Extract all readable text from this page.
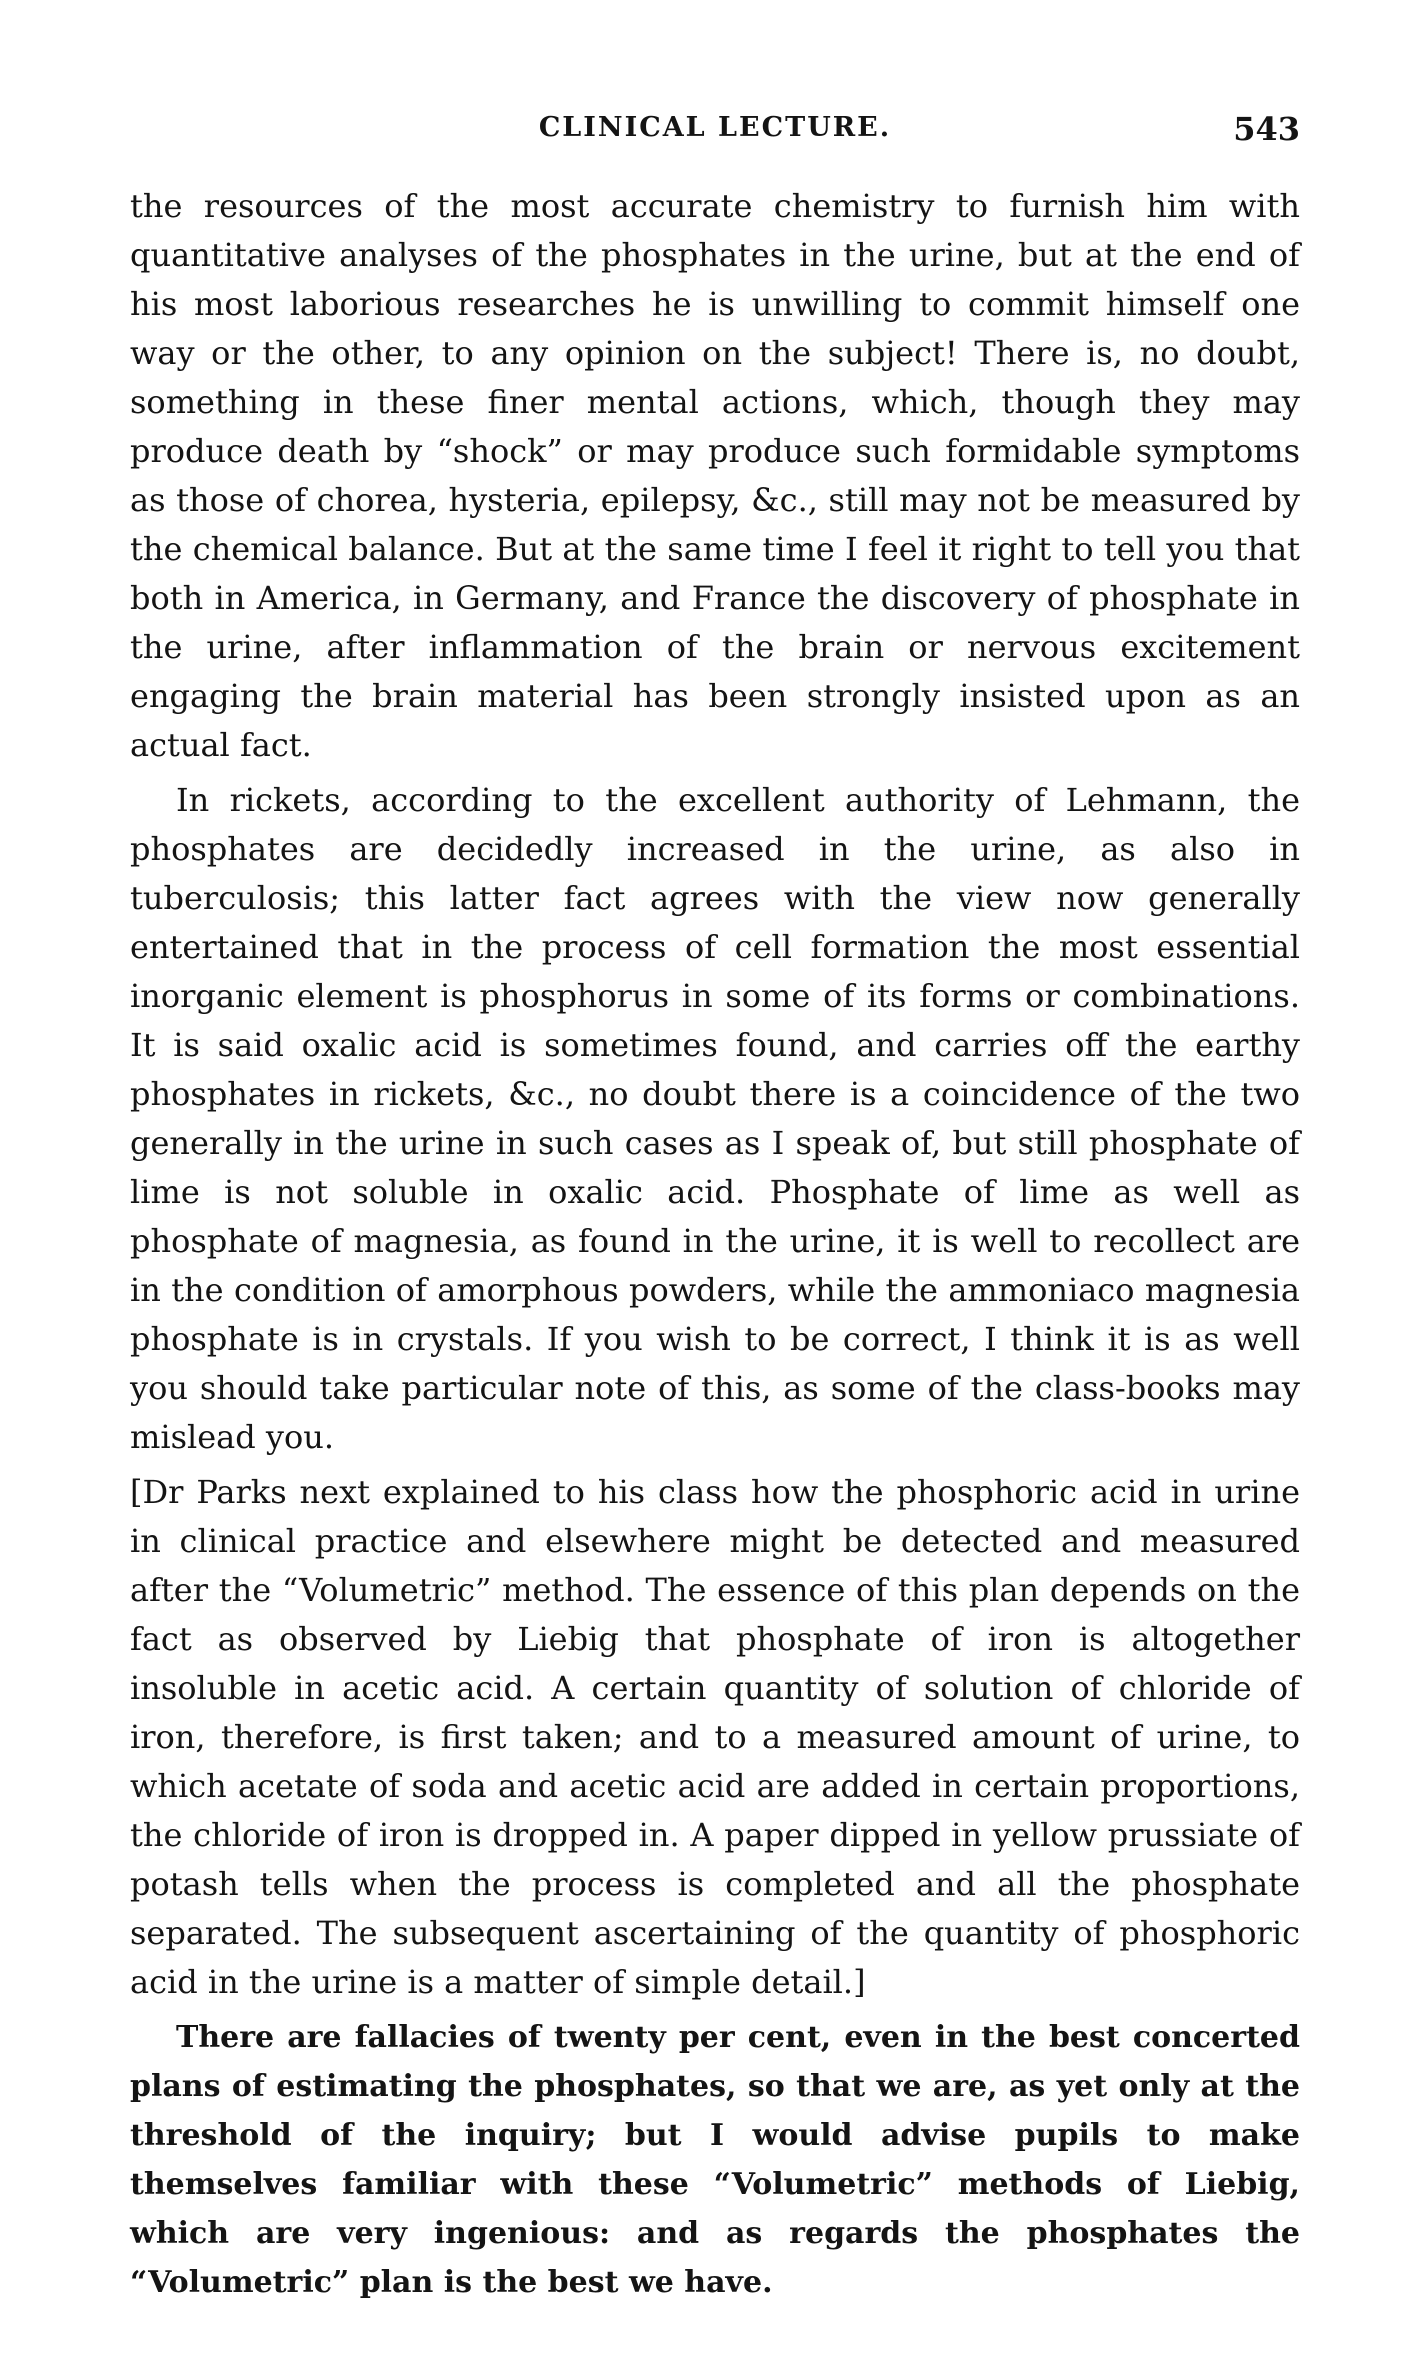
CLINICAL LECTURE.	543

the resources of the most accurate chemistry to furnish him with quantitative analyses of the phosphates in the urine, but at the end of his most laborious researches he is unwilling to commit himself one way or the other, to any opinion on the subject! There is, no doubt, something in these finer mental actions, which, though they may produce death by “shock” or may produce such formidable symptoms as those of chorea, hysteria, epilepsy, &c., still may not be measured by the chemical balance. But at the same time I feel it right to tell you that both in America, in Germany, and France the discovery of phosphate in the urine, after inflammation of the brain or nervous excitement engaging the brain material has been strongly insisted upon as an actual fact.

In rickets, according to the excellent authority of Lehmann, the phosphates are decidedly increased in the urine, as also in tuberculosis; this latter fact agrees with the view now generally entertained that in the process of cell formation the most essential inorganic element is phosphorus in some of its forms or combinations. It is said oxalic acid is sometimes found, and carries off the earthy phosphates in rickets, &c., no doubt there is a coincidence of the two generally in the urine in such cases as I speak of, but still phosphate of lime is not soluble in oxalic acid. Phosphate of lime as well as phosphate of magnesia, as found in the urine, it is well to recollect are in the condition of amorphous powders, while the ammoniaco magnesia phosphate is in crystals. If you wish to be correct, I think it is as well you should take particular note of this, as some of the class-books may mislead you.

[Dr Parks next explained to his class how the phosphoric acid in urine in clinical practice and elsewhere might be detected and measured after the “Volumetric” method. The essence of this plan depends on the fact as observed by Liebig that phosphate of iron is altogether insoluble in acetic acid. A certain quantity of solution of chloride of iron, therefore, is first taken; and to a measured amount of urine, to which acetate of soda and acetic acid are added in certain proportions, the chloride of iron is dropped in. A paper dipped in yellow prussiate of potash tells when the process is completed and all the phosphate separated. The subsequent ascertaining of the quantity of phosphoric acid in the urine is a matter of simple detail.]

There are fallacies of twenty per cent, even in the best concerted plans of estimating the phosphates, so that we are, as yet only at the threshold of the inquiry; but I would advise pupils to make themselves familiar with these “Volumetric” methods of Liebig, which are very ingenious: and as regards the phosphates the “Volumetric” plan is the best we have.
